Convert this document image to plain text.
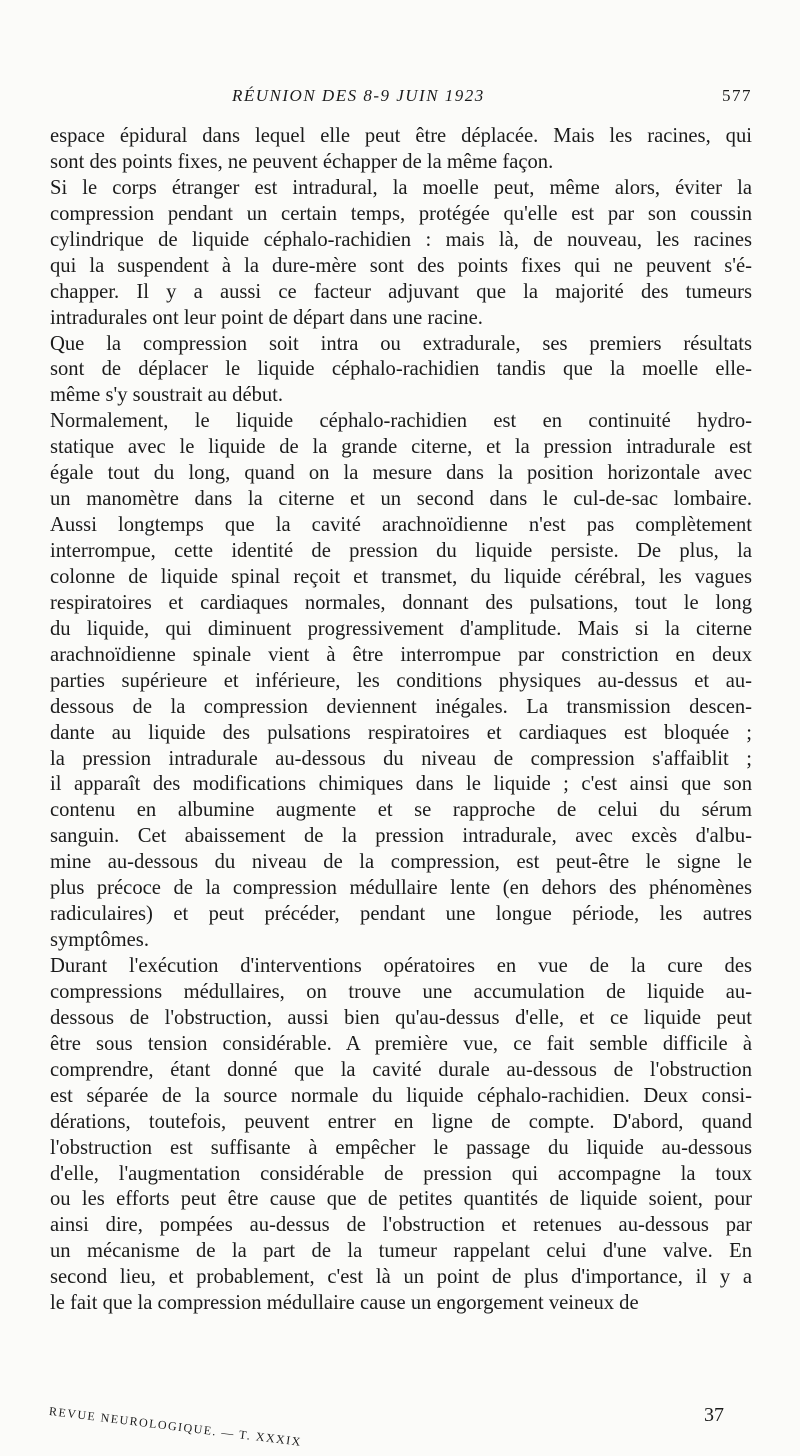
RÉUNION DES 8-9 JUIN 1923	577
espace épidural dans lequel elle peut être déplacée. Mais les racines, qui
sont des points fixes, ne peuvent échapper de la même façon.
Si le corps étranger est intradural, la moelle peut, même alors, éviter la
compression pendant un certain temps, protégée qu'elle est par son coussin
cylindrique de liquide céphalo-rachidien : mais là, de nouveau, les racines
qui la suspendent à la dure-mère sont des points fixes qui ne peuvent s'é-
chapper. Il y a aussi ce facteur adjuvant que la majorité des tumeurs
intradurales ont leur point de départ dans une racine.
Que la compression soit intra ou extradurale, ses premiers résultats
sont de déplacer le liquide céphalo-rachidien tandis que la moelle elle-
même s'y soustrait au début.
Normalement, le liquide céphalo-rachidien est en continuité hydro-
statique avec le liquide de la grande citerne, et la pression intradurale est
égale tout du long, quand on la mesure dans la position horizontale avec
un manomètre dans la citerne et un second dans le cul-de-sac lombaire.
Aussi longtemps que la cavité arachnoïdienne n'est pas complètement
interrompue, cette identité de pression du liquide persiste. De plus, la
colonne de liquide spinal reçoit et transmet, du liquide cérébral, les vagues
respiratoires et cardiaques normales, donnant des pulsations, tout le long
du liquide, qui diminuent progressivement d'amplitude. Mais si la citerne
arachnoïdienne spinale vient à être interrompue par constriction en deux
parties supérieure et inférieure, les conditions physiques au-dessus et au-
dessous de la compression deviennent inégales. La transmission descen-
dante au liquide des pulsations respiratoires et cardiaques est bloquée ;
la pression intradurale au-dessous du niveau de compression s'affaiblit ;
il apparaît des modifications chimiques dans le liquide ; c'est ainsi que son
contenu en albumine augmente et se rapproche de celui du sérum
sanguin. Cet abaissement de la pression intradurale, avec excès d'albu-
mine au-dessous du niveau de la compression, est peut-être le signe le
plus précoce de la compression médullaire lente (en dehors des phénomènes
radiculaires) et peut précéder, pendant une longue période, les autres
symptômes.
Durant l'exécution d'interventions opératoires en vue de la cure des
compressions médullaires, on trouve une accumulation de liquide au-
dessous de l'obstruction, aussi bien qu'au-dessus d'elle, et ce liquide peut
être sous tension considérable. A première vue, ce fait semble difficile à
comprendre, étant donné que la cavité durale au-dessous de l'obstruction
est séparée de la source normale du liquide céphalo-rachidien. Deux consi-
dérations, toutefois, peuvent entrer en ligne de compte. D'abord, quand
l'obstruction est suffisante à empêcher le passage du liquide au-dessous
d'elle, l'augmentation considérable de pression qui accompagne la toux
ou les efforts peut être cause que de petites quantités de liquide soient, pour
ainsi dire, pompées au-dessus de l'obstruction et retenues au-dessous par
un mécanisme de la part de la tumeur rappelant celui d'une valve. En
second lieu, et probablement, c'est là un point de plus d'importance, il y a
le fait que la compression médullaire cause un engorgement veineux de
REVUE NEUROLOGIQUE. — T. XXXIX	37
